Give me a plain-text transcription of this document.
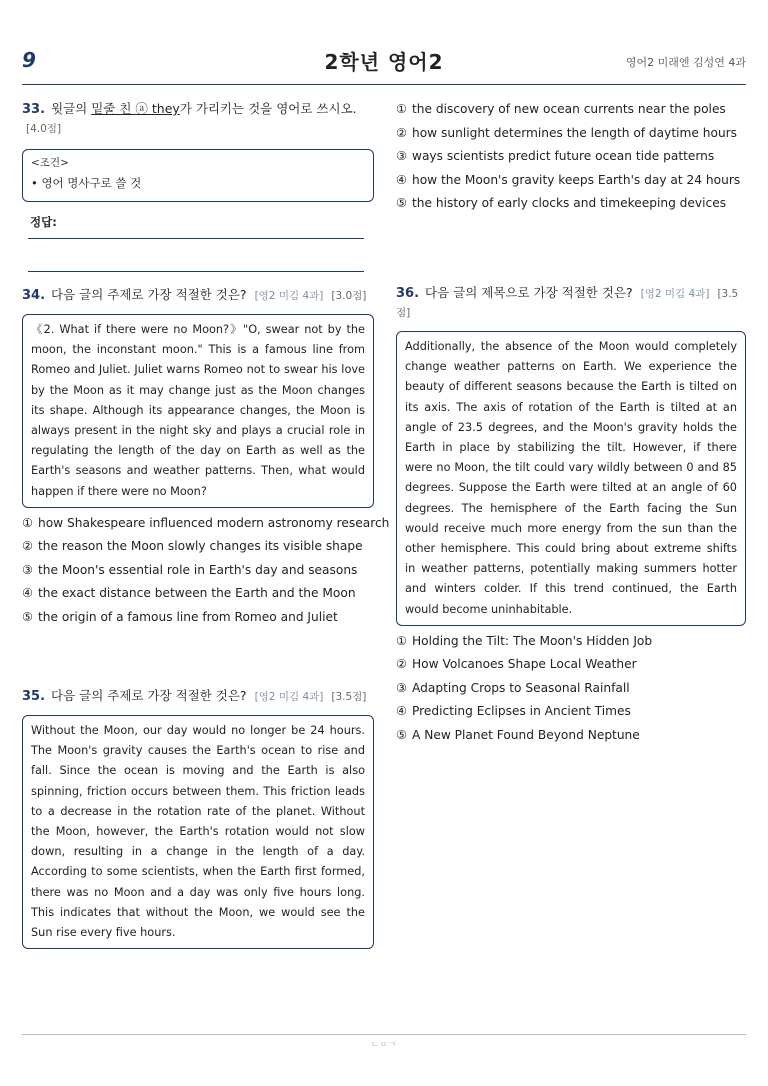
9	2학년 영어2	영어2 미래엔 김성연 4과
33. 윗글의 밑줄 친 ⓐ they가 가리키는 것을 영어로 쓰시오. [4.0점]
<조건>
• 영어 명사구로 쓸 것
정답:
34. 다음 글의 주제로 가장 적절한 것은? [영2 미김 4과] [3.0점]
《2. What if there were no Moon?》"O, swear not by the moon, the inconstant moon." This is a famous line from Romeo and Juliet. Juliet warns Romeo not to swear his love by the Moon as it may change just as the Moon changes its shape. Although its appearance changes, the Moon is always present in the night sky and plays a crucial role in regulating the length of the day on Earth as well as the Earth's seasons and weather patterns. Then, what would happen if there were no Moon?
① how Shakespeare influenced modern astronomy research
② the reason the Moon slowly changes its visible shape
③ the Moon's essential role in Earth's day and seasons
④ the exact distance between the Earth and the Moon
⑤ the origin of a famous line from Romeo and Juliet
35. 다음 글의 주제로 가장 적절한 것은? [영2 미김 4과] [3.5점]
Without the Moon, our day would no longer be 24 hours. The Moon's gravity causes the Earth's ocean to rise and fall. Since the ocean is moving and the Earth is also spinning, friction occurs between them. This friction leads to a decrease in the rotation rate of the planet. Without the Moon, however, the Earth's rotation would not slow down, resulting in a change in the length of a day. According to some scientists, when the Earth first formed, there was no Moon and a day was only five hours long. This indicates that without the Moon, we would see the Sun rise every five hours.
① the discovery of new ocean currents near the poles
② how sunlight determines the length of daytime hours
③ ways scientists predict future ocean tide patterns
④ how the Moon's gravity keeps Earth's day at 24 hours
⑤ the history of early clocks and timekeeping devices
36. 다음 글의 제목으로 가장 적절한 것은? [영2 미김 4과] [3.5점]
Additionally, the absence of the Moon would completely change weather patterns on Earth. We experience the beauty of different seasons because the Earth is tilted on its axis. The axis of rotation of the Earth is tilted at an angle of 23.5 degrees, and the Moon's gravity holds the Earth in place by stabilizing the tilt. However, if there were no Moon, the tilt could vary wildly between 0 and 85 degrees. Suppose the Earth were tilted at an angle of 60 degrees. The hemisphere of the Earth facing the Sun would receive much more energy from the sun than the other hemisphere. This could bring about extreme shifts in weather patterns, potentially making summers hotter and winters colder. If this trend continued, the Earth would become uninhabitable.
① Holding the Tilt: The Moon's Hidden Job
② How Volcanoes Shape Local Weather
③ Adapting Crops to Seasonal Rainfall
④ Predicting Eclipses in Ancient Times
⑤ A New Planet Found Beyond Neptune
ㄴㅇㄱ
